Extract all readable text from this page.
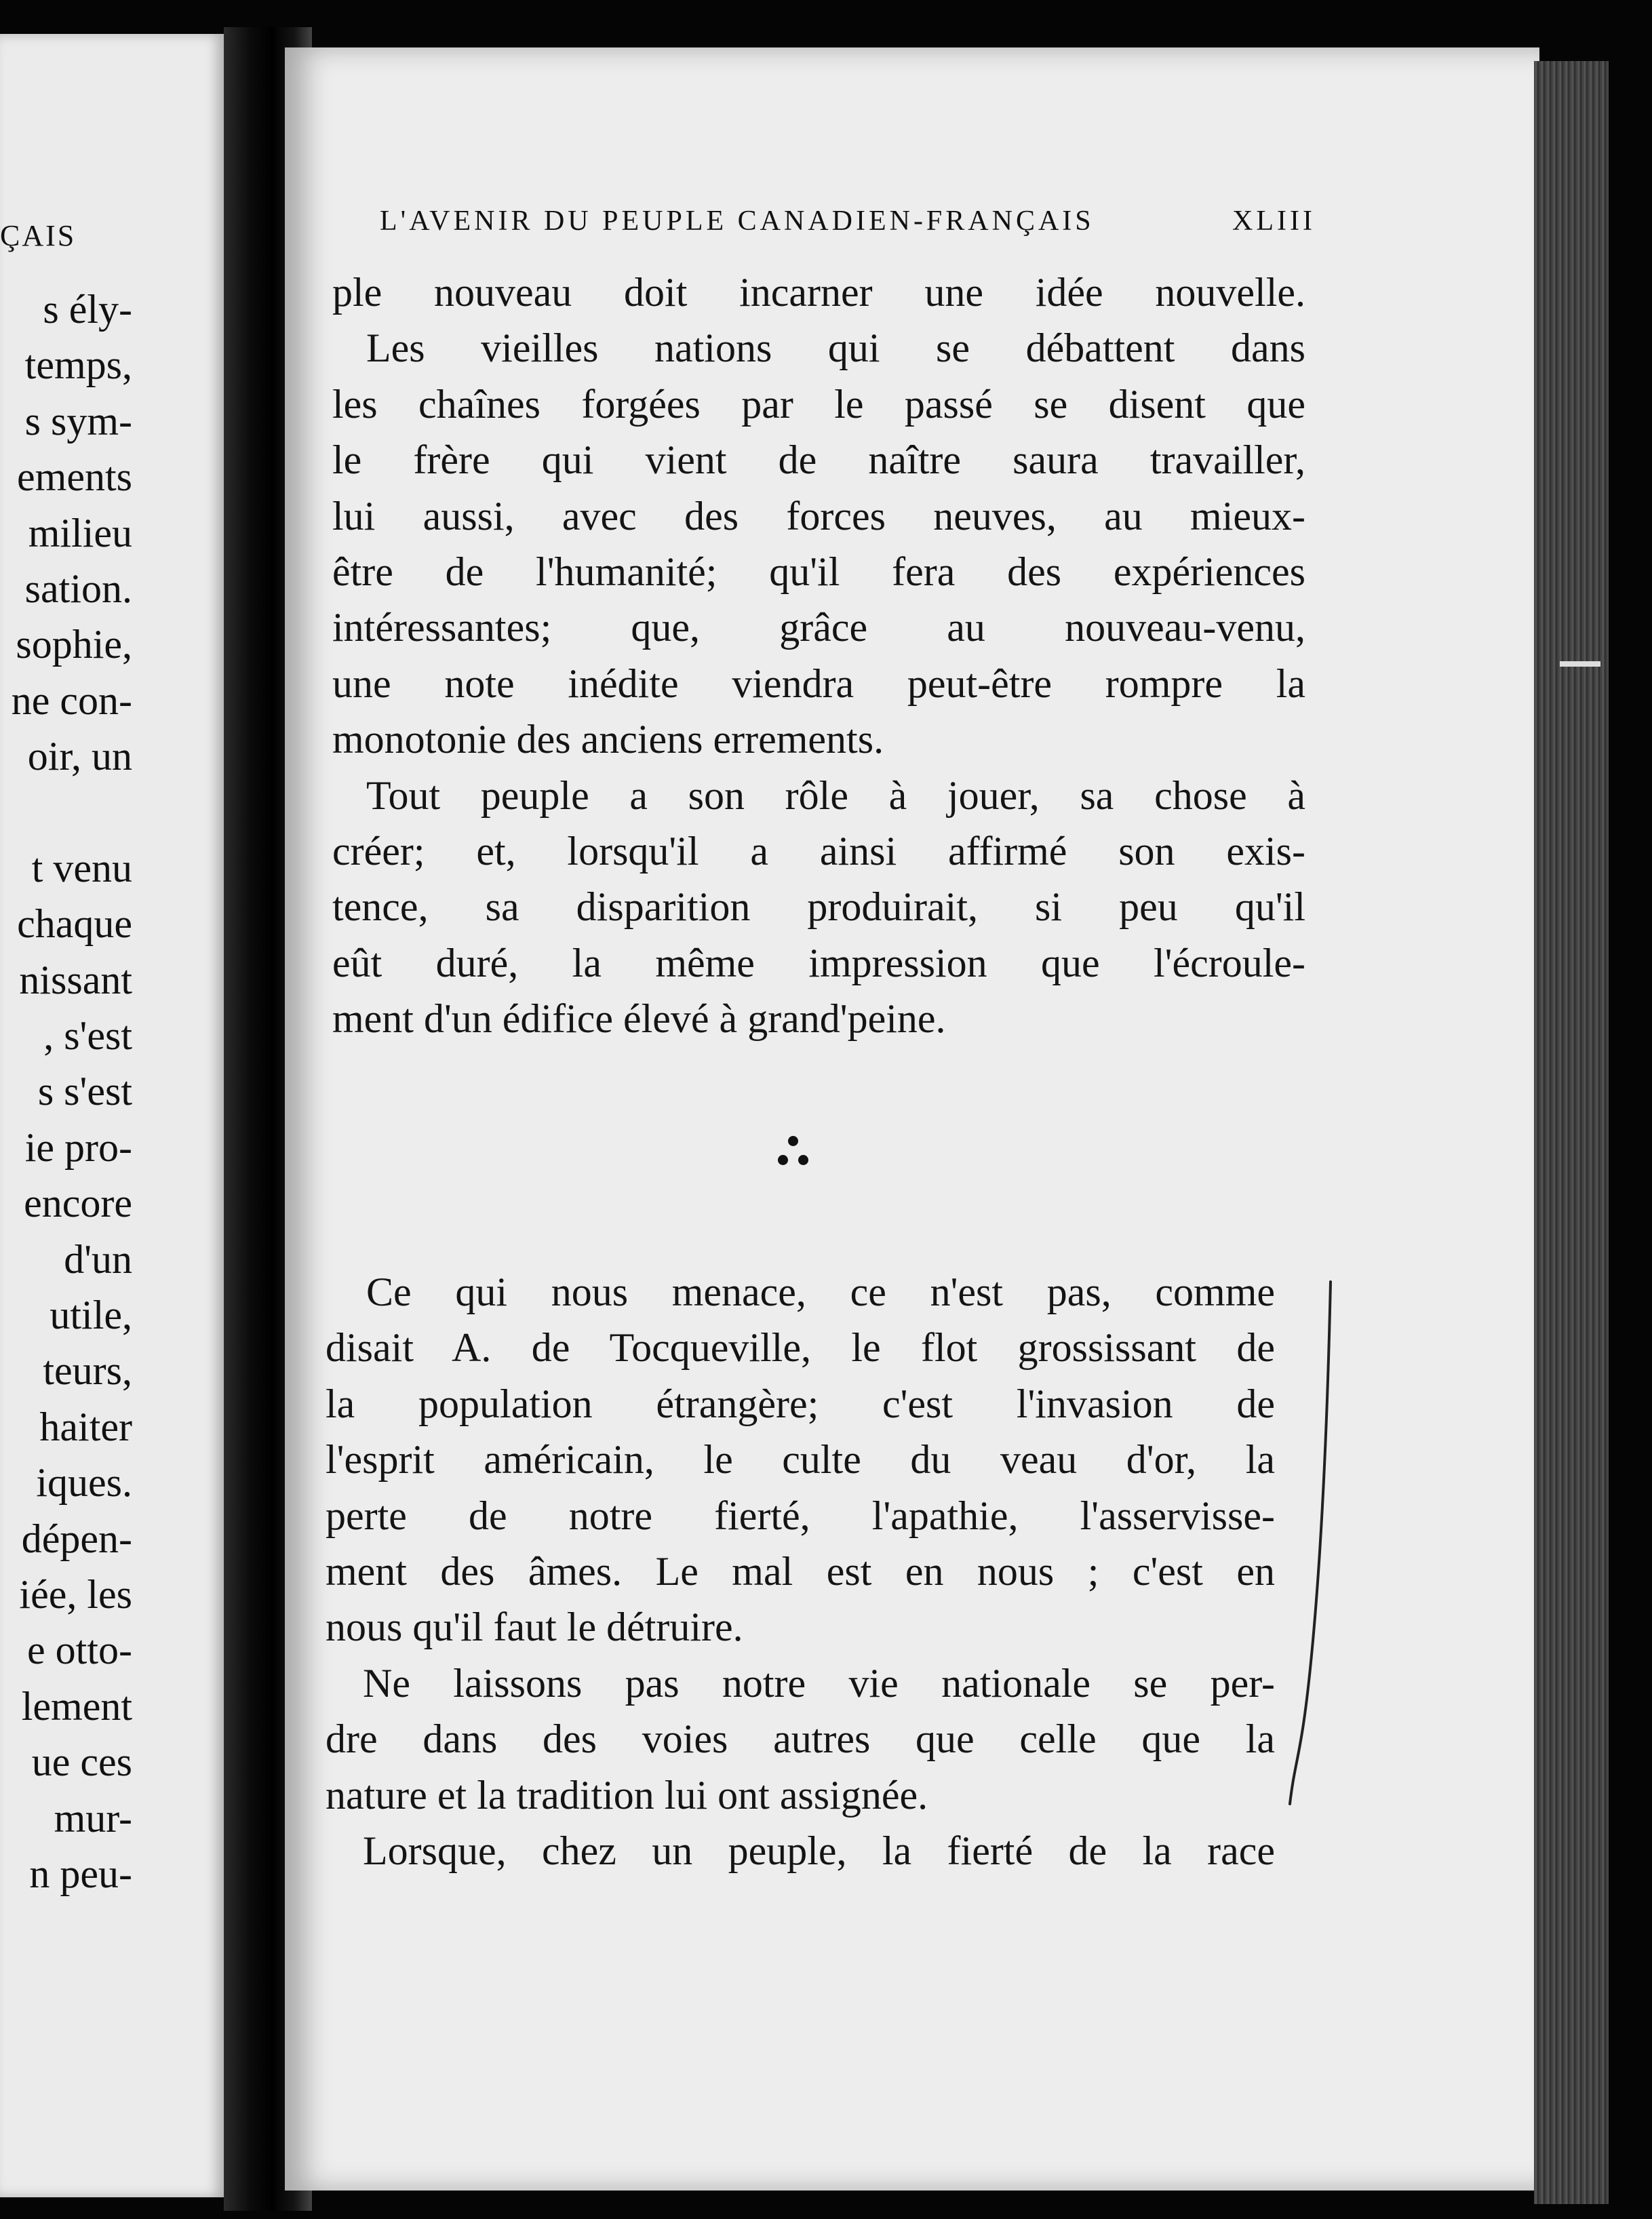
ÇAIS
s ély-
temps,
s sym-
ements
milieu
sation.
sophie,
ne con-
oir, un
t venu
chaque
nissant
, s'est
s s'est
ie pro-
encore
d'un
utile,
teurs,
haiter
iques.
dépen-
iée, les
e otto-
lement
ue ces
mur-
n peu-
L'AVENIR DU PEUPLE CANADIEN-FRANÇAIS	XLIII
ple nouveau doit incarner une idée nouvelle.
Les vieilles nations qui se débattent dans
les chaînes forgées par le passé se disent que
le frère qui vient de naître saura travailler,
lui aussi, avec des forces neuves, au mieux-
être de l'humanité; qu'il fera des expériences
intéressantes; que, grâce au nouveau-venu,
une note inédite viendra peut-être rompre la
monotonie des anciens errements.
Tout peuple a son rôle à jouer, sa chose à
créer; et, lorsqu'il a ainsi affirmé son exis-
tence, sa disparition produirait, si peu qu'il
eût duré, la même impression que l'écroule-
ment d'un édifice élevé à grand'peine.
Ce qui nous menace, ce n'est pas, comme
disait A. de Tocqueville, le flot grossissant de
la population étrangère; c'est l'invasion de
l'esprit américain, le culte du veau d'or, la
perte de notre fierté, l'apathie, l'asservisse-
ment des âmes. Le mal est en nous ; c'est en
nous qu'il faut le détruire.
Ne laissons pas notre vie nationale se per-
dre dans des voies autres que celle que la
nature et la tradition lui ont assignée.
Lorsque, chez un peuple, la fierté de la race
